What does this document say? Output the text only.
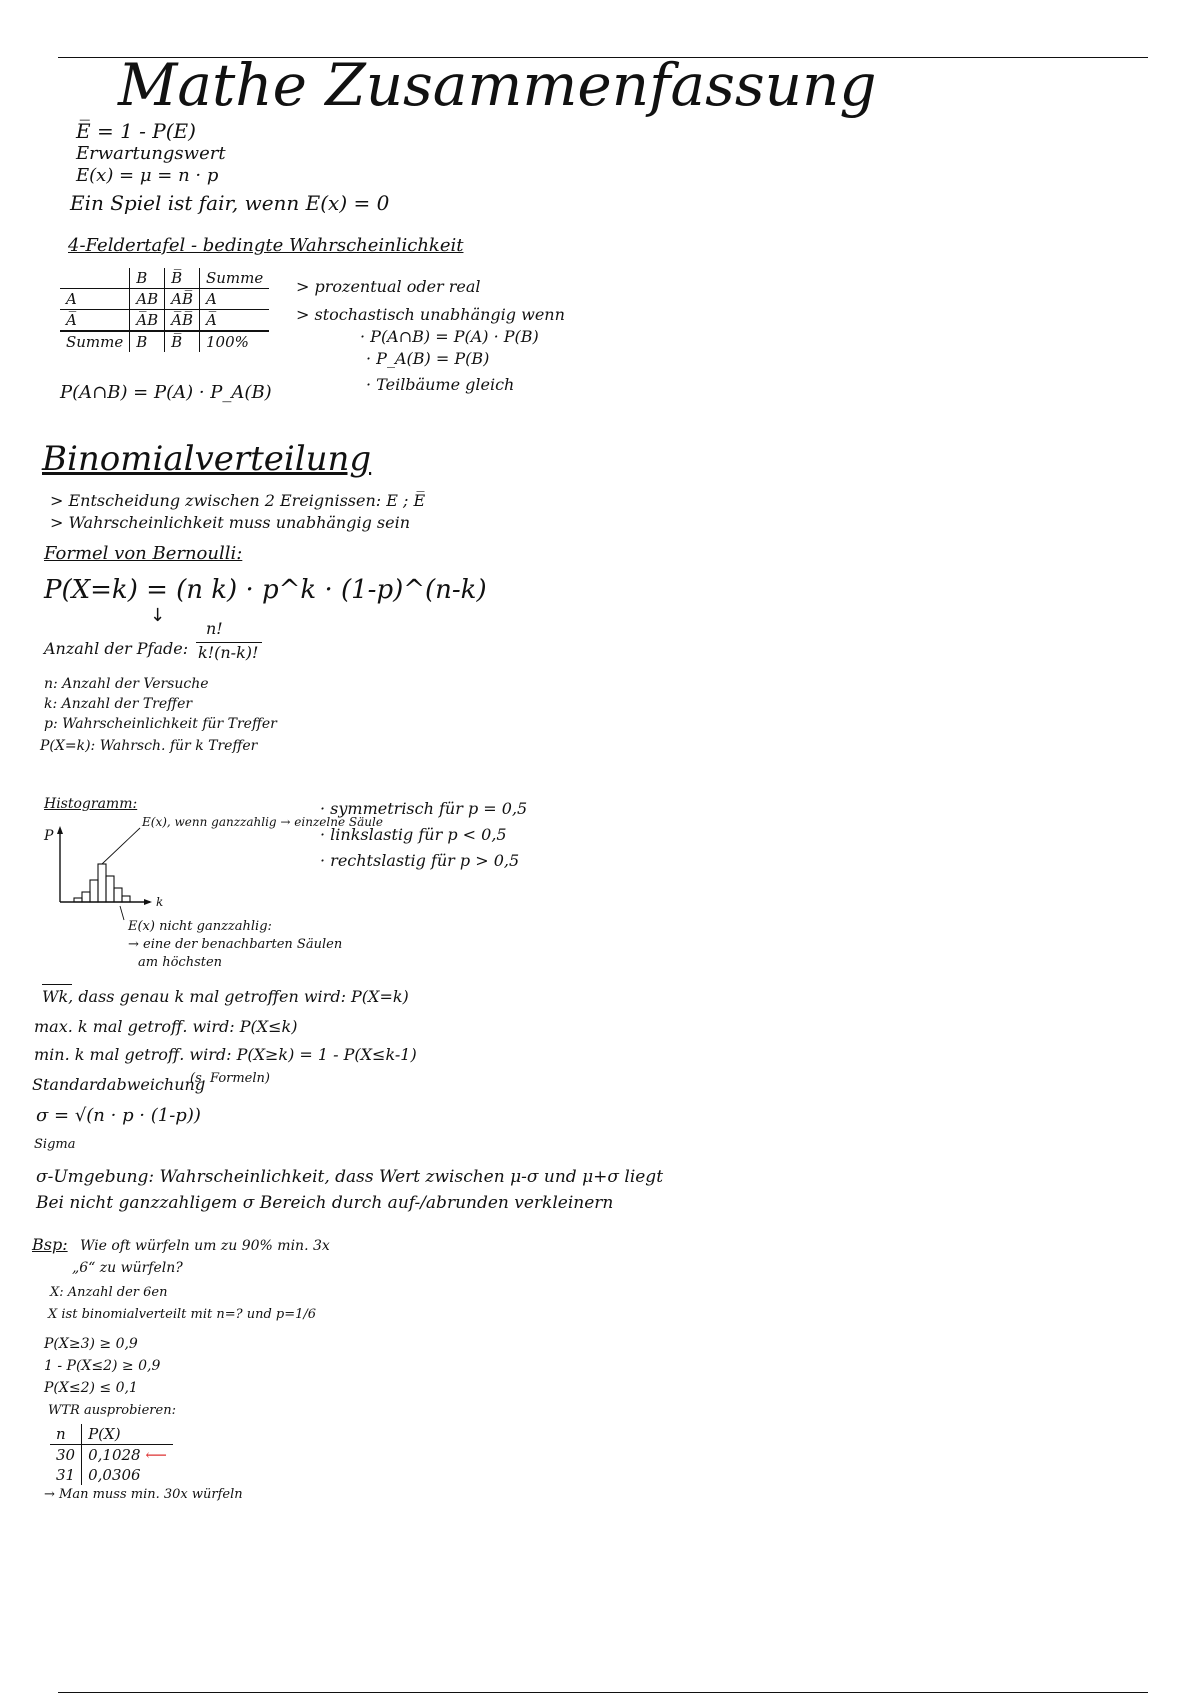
Mathe Zusammenfassung
E̅ = 1 - P(E)
Erwartungswert
E(x) = μ = n · p
Ein Spiel ist fair, wenn E(x) = 0
4-Feldertafel - bedingte Wahrscheinlichkeit
	B	B̅	Summe
A	AB	AB̅	A
A̅	A̅B	A̅B̅	A̅
Summe	B	B̅	100%
P(A∩B) = P(A) · P_A(B)
> prozentual oder real
> stochastisch unabhängig wenn
· P(A∩B) = P(A) · P(B)
· P_A(B) = P(B)
· Teilbäume gleich
Binomialverteilung
> Entscheidung zwischen 2 Ereignissen: E ; E̅
> Wahrscheinlichkeit muss unabhängig sein
Formel von Bernoulli:
P(X=k) = (n k) · p^k · (1-p)^(n-k)
↓
Anzahl der Pfade:
n!
k!(n-k)!
n: Anzahl der Versuche
k: Anzahl der Treffer
p: Wahrscheinlichkeit für Treffer
P(X=k): Wahrsch. für k Treffer
Histogramm:
P
k
E(x), wenn ganzzahlig → einzelne Säule
E(x) nicht ganzzahlig:
→ eine der benachbarten Säulen
am höchsten
· symmetrisch für p = 0,5
· linkslastig für p < 0,5
· rechtslastig für p > 0,5
Wk, dass genau k mal getroffen wird: P(X=k)
max. k mal getroff. wird: P(X≤k)
min. k mal getroff. wird: P(X≥k) = 1 - P(X≤k-1)
Standardabweichung
(s. Formeln)
σ = √(n · p · (1-p))
Sigma
σ-Umgebung: Wahrscheinlichkeit, dass Wert zwischen μ-σ und μ+σ liegt
Bei nicht ganzzahligem σ Bereich durch auf-/abrunden verkleinern
Bsp: Wie oft würfeln um zu 90% min. 3x
„6“ zu würfeln?
X: Anzahl der 6en
X ist binomialverteilt mit n=? und p=1/6
P(X≥3) ≥ 0,9
1 - P(X≤2) ≥ 0,9
P(X≤2) ≤ 0,1
WTR ausprobieren:
n	P(X)
30	0,1028 ⟵
31	0,0306
→ Man muss min. 30x würfeln
